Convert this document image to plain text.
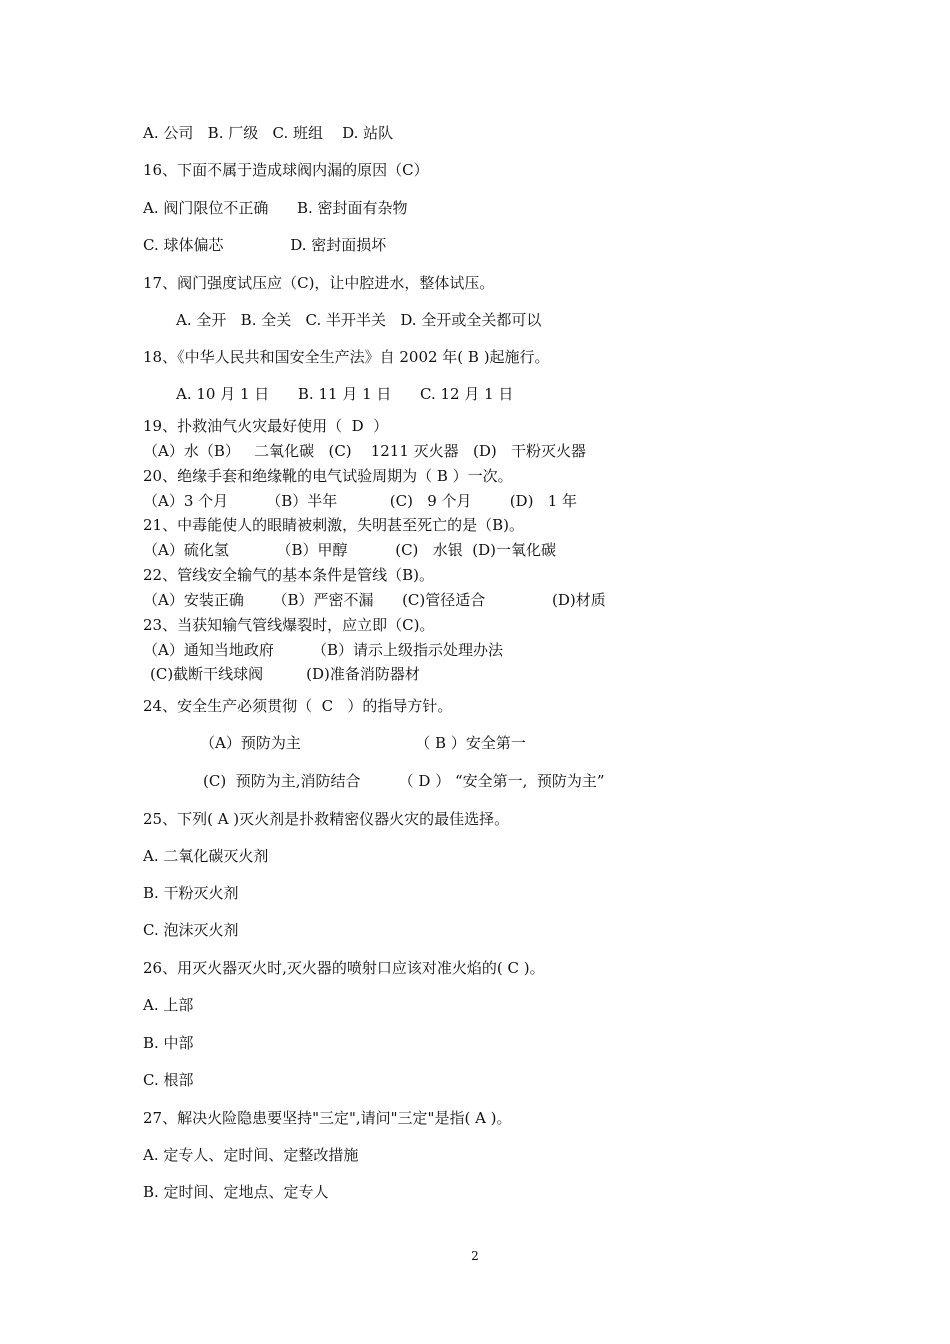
A. 公司   B. 厂级   C. 班组    D. 站队
16、下面不属于造成球阀内漏的原因（C）
A. 阀门限位不正确      B. 密封面有杂物
C. 球体偏芯              D. 密封面损坏
17、阀门强度试压应（C)，让中腔进水，整体试压。
A. 全开   B. 全关   C. 半开半关   D. 全开或全关都可以
18、《中华人民共和国安全生产法》自 2002 年( B )起施行。
A. 10 月 1 日      B. 11 月 1 日      C. 12 月 1 日
19、扑救油气火灾最好使用（  D  ）
（A）水（B）   二氧化碳   (C)    1211 灭火器   (D)   干粉灭火器
20、绝缘手套和绝缘靴的电气试验周期为（ B ）一次。
（A）3 个月        （B）半年           (C)   9 个月        (D)   1 年
21、中毒能使人的眼睛被刺激，失明甚至死亡的是（B)。
（A）硫化氢          （B）甲醇          (C)   水银  (D)一氧化碳
22、管线安全输气的基本条件是管线（B)。
（A）安装正确      （B）严密不漏      (C)管径适合              (D)材质
23、当获知输气管线爆裂时，应立即（C)。
（A）通知当地政府        （B）请示上级指示处理办法
(C)截断干线球阀         (D)准备消防器材
24、安全生产必须贯彻（  C   ）的指导方针。
（A）预防为主                        （ B ）安全第一
(C)  预防为主,消防结合        （ D ） “安全第一,  预防为主”
25、下列( A )灭火剂是扑救精密仪器火灾的最佳选择。
A. 二氧化碳灭火剂
B. 干粉灭火剂
C. 泡沫灭火剂
26、用灭火器灭火时,灭火器的喷射口应该对准火焰的( C )。
A. 上部
B. 中部
C. 根部
27、解决火险隐患要坚持"三定",请问"三定"是指( A )。
A. 定专人、定时间、定整改措施
B. 定时间、定地点、定专人
2
